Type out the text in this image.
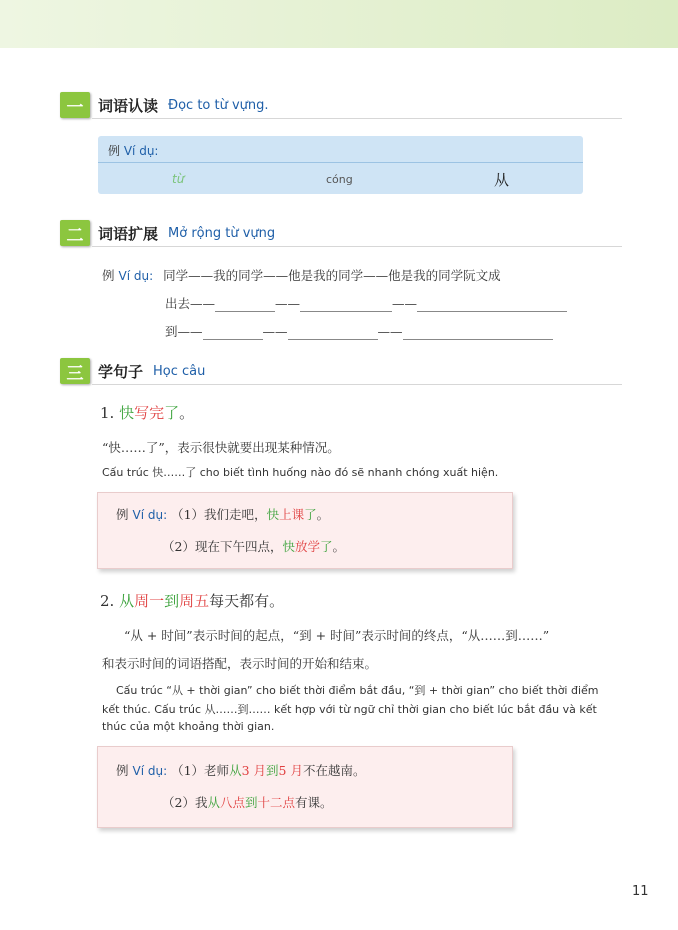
一 词语认读 Đọc to từ vựng.
例 Ví dụ:
từ	cóng	从
二 词语扩展 Mở rộng từ vựng
例 Ví dụ: 同学——我的同学——他是我的同学——他是我的同学阮文成
出去——	——	——
到——	——	——
三 学句子 Học câu
1. 快写完了。
“快……了”，表示很快就要出现某种情况。
Cấu trúc 快……了 cho biết tình huống nào đó sẽ nhanh chóng xuất hiện.
例 Ví dụ: （1）我们走吧，快上课了。
（2）现在下午四点，快放学了。
2. 从周一到周五每天都有。
“从 + 时间”表示时间的起点，“到 + 时间”表示时间的终点，“从……到……”
和表示时间的词语搭配，表示时间的开始和结束。
Cấu trúc “从 + thời gian” cho biết thời điểm bắt đầu, “到 + thời gian” cho biết thời điểm
kết thúc. Cấu trúc 从……到…… kết hợp với từ ngữ chỉ thời gian cho biết lúc bắt đầu và kết
thúc của một khoảng thời gian.
例 Ví dụ: （1）老师从3 月到5 月不在越南。
（2）我从八点到十二点有课。
11
